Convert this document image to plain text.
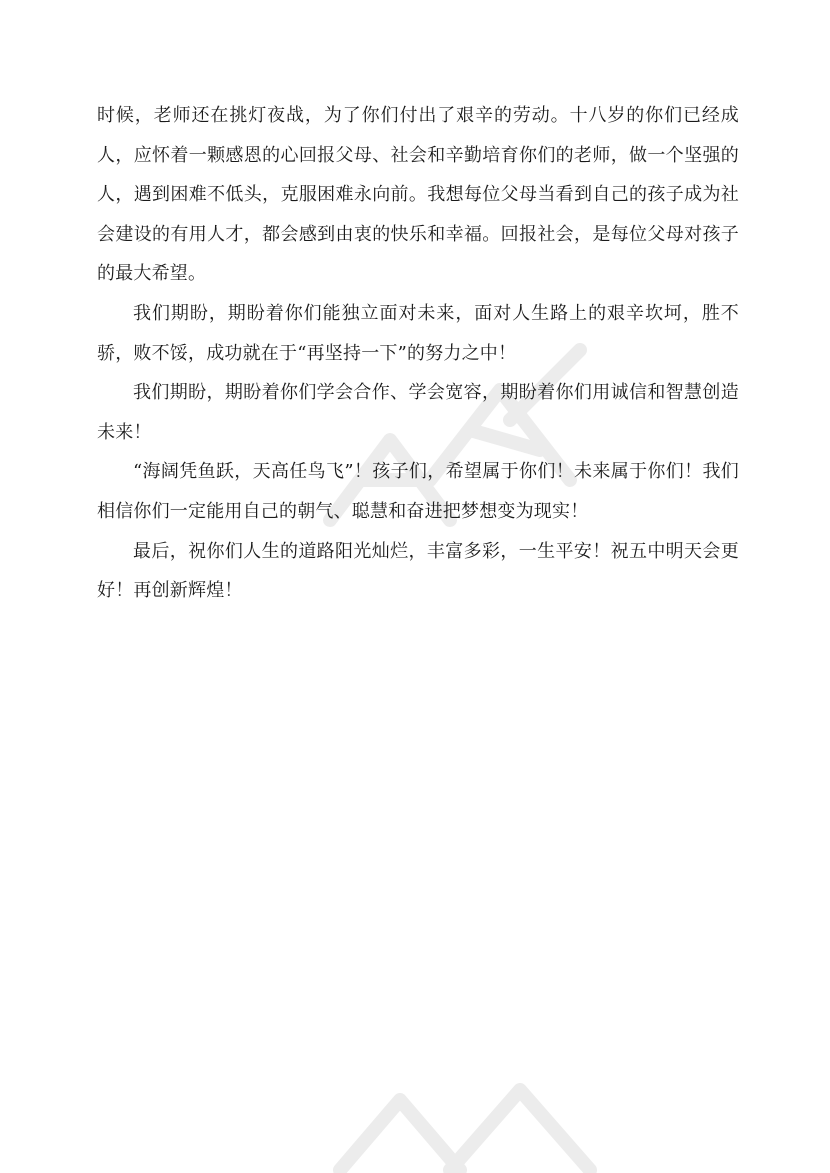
时候，老师还在挑灯夜战，为了你们付出了艰辛的劳动。十八岁的你们已经成人，应怀着一颗感恩的心回报父母、社会和辛勤培育你们的老师，做一个坚强的人，遇到困难不低头，克服困难永向前。我想每位父母当看到自己的孩子成为社会建设的有用人才，都会感到由衷的快乐和幸福。回报社会，是每位父母对孩子的最大希望。

我们期盼，期盼着你们能独立面对未来，面对人生路上的艰辛坎坷，胜不骄，败不馁，成功就在于“再坚持一下”的努力之中！

我们期盼，期盼着你们学会合作、学会宽容，期盼着你们用诚信和智慧创造未来！

“海阔凭鱼跃，天高任鸟飞”！孩子们，希望属于你们！未来属于你们！我们相信你们一定能用自己的朝气、聪慧和奋进把梦想变为现实！

最后，祝你们人生的道路阳光灿烂，丰富多彩，一生平安！祝五中明天会更好！再创新辉煌！
